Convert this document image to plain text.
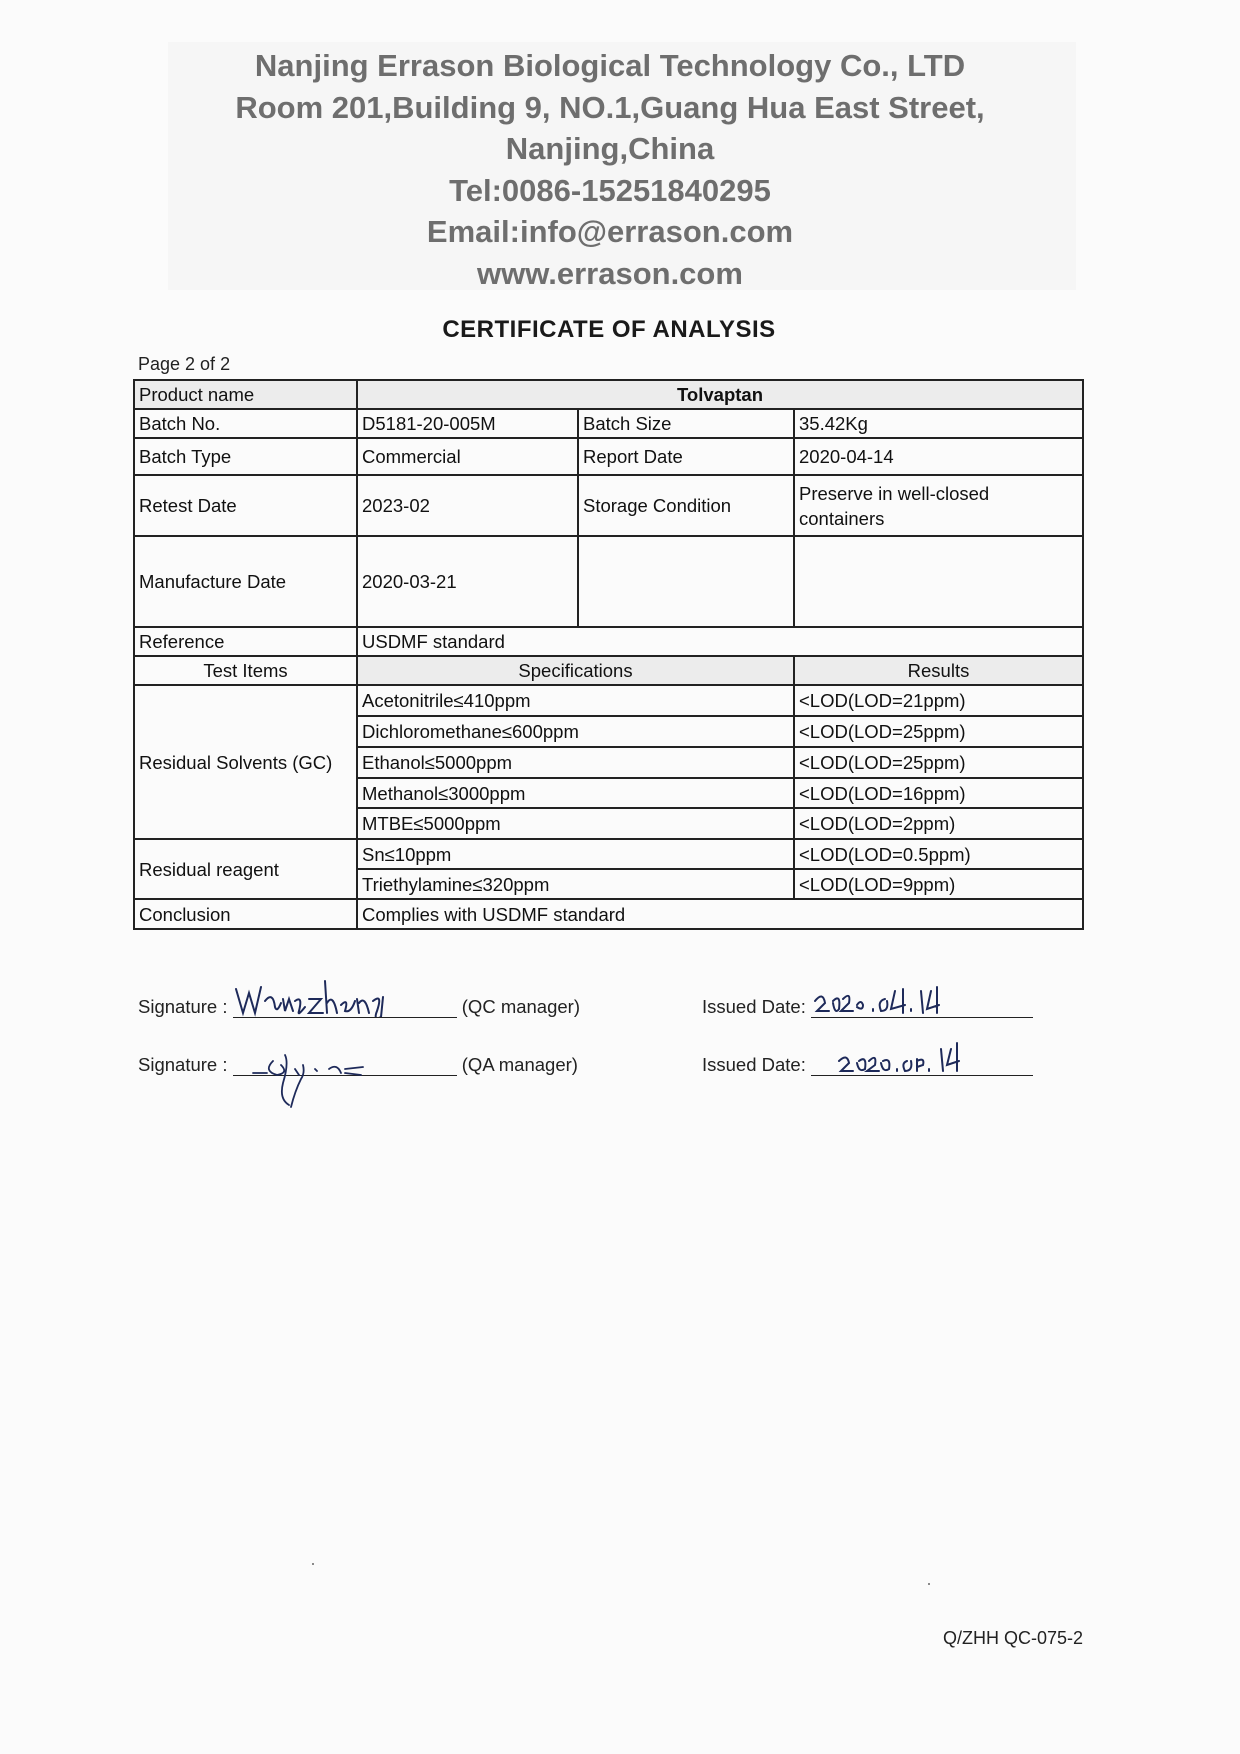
Nanjing Errason Biological Technology Co., LTD
Room 201,Building 9, NO.1,Guang Hua East Street,
Nanjing,China
Tel:0086-15251840295
Email:info@errason.com
www.errason.com
CERTIFICATE OF ANALYSIS
Page 2 of 2
Product name	Tolvaptan		
Batch No.	D5181-20-005M	Batch Size	35.42Kg
Batch Type	Commercial	Report Date	2020-04-14
Retest Date	2023-02	Storage Condition	Preserve in well-closed containers
Manufacture Date	2020-03-21		
Reference	USDMF standard		
Test Items	Specifications		Results
Residual Solvents (GC)	Acetonitrile≤410ppm		<LOD(LOD=21ppm)
	Dichloromethane≤600ppm		<LOD(LOD=25ppm)
	Ethanol≤5000ppm		<LOD(LOD=25ppm)
	Methanol≤3000ppm		<LOD(LOD=16ppm)
	MTBE≤5000ppm		<LOD(LOD=2ppm)
Residual reagent	Sn≤10ppm		<LOD(LOD=0.5ppm)
	Triethylamine≤320ppm		<LOD(LOD=9ppm)
Conclusion	Complies with USDMF standard		
Signature :	(QC manager)	Issued Date:
Signature :	(QA manager)	Issued Date:
Q/ZHH QC-075-2
